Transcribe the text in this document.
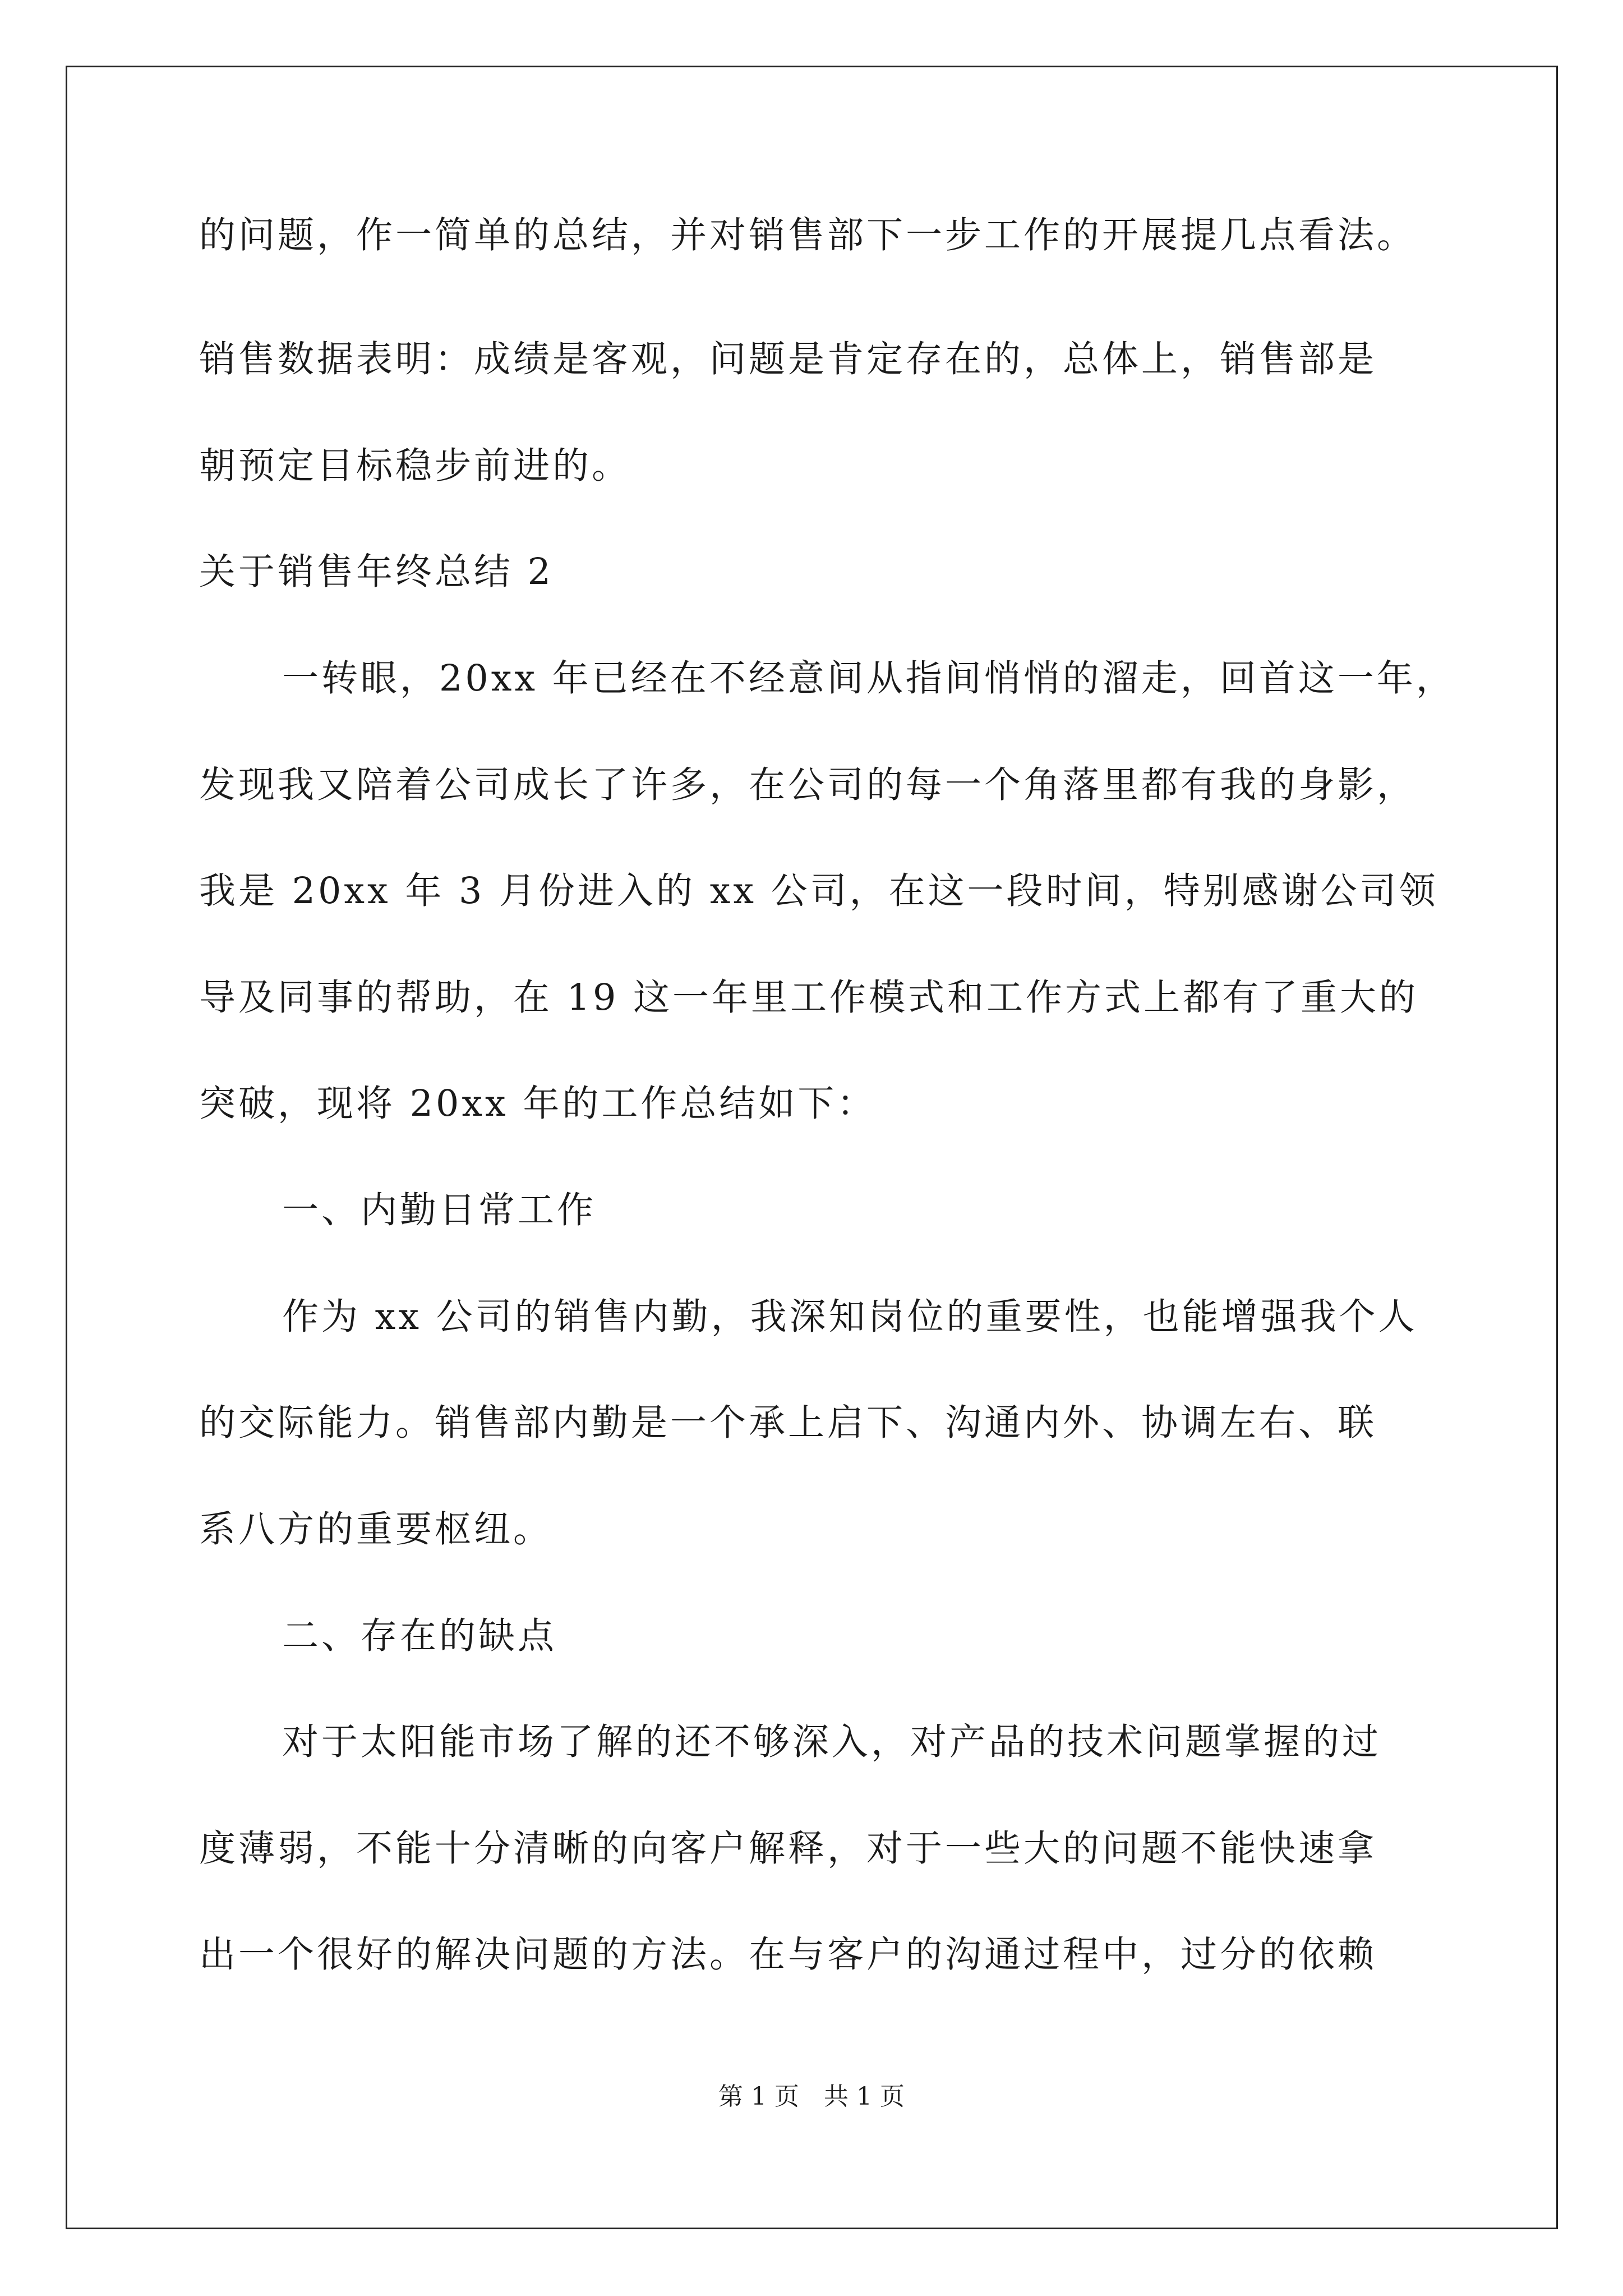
的问题，作一简单的总结，并对销售部下一步工作的开展提几点看法。
销售数据表明：成绩是客观，问题是肯定存在的，总体上，销售部是
朝预定目标稳步前进的。
关于销售年终总结 2
一转眼，20xx 年已经在不经意间从指间悄悄的溜走，回首这一年，
发现我又陪着公司成长了许多，在公司的每一个角落里都有我的身影，
我是 20xx 年 3 月份进入的 xx 公司，在这一段时间，特别感谢公司领
导及同事的帮助，在 19 这一年里工作模式和工作方式上都有了重大的
突破，现将 20xx 年的工作总结如下：
一、内勤日常工作
作为 xx 公司的销售内勤，我深知岗位的重要性，也能增强我个人
的交际能力。销售部内勤是一个承上启下、沟通内外、协调左右、联
系八方的重要枢纽。
二、存在的缺点
对于太阳能市场了解的还不够深入，对产品的技术问题掌握的过
度薄弱，不能十分清晰的向客户解释，对于一些大的问题不能快速拿
出一个很好的解决问题的方法。在与客户的沟通过程中，过分的依赖
第 1 页　共 1 页
